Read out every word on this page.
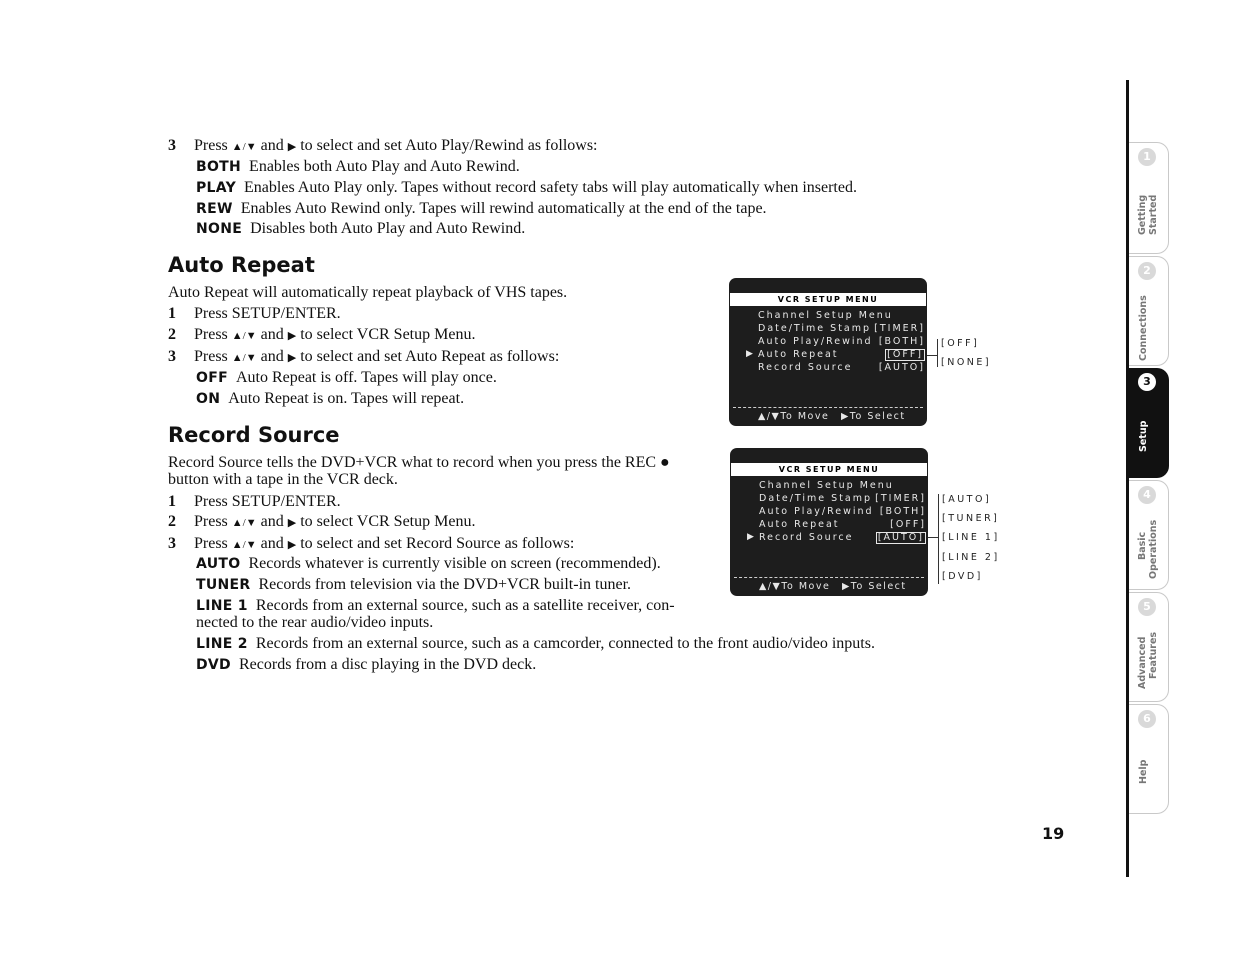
3 Press ▲/▼ and ▶ to select and set Auto Play/Rewind as follows:
BOTH Enables both Auto Play and Auto Rewind.
PLAY Enables Auto Play only. Tapes without record safety tabs will play automatically when inserted.
REW Enables Auto Rewind only. Tapes will rewind automatically at the end of the tape.
NONE Disables both Auto Play and Auto Rewind.
Auto Repeat
Auto Repeat will automatically repeat playback of VHS tapes.
1 Press SETUP/ENTER.
2 Press ▲/▼ and ▶ to select VCR Setup Menu.
3 Press ▲/▼ and ▶ to select and set Auto Repeat as follows:
OFF Auto Repeat is off. Tapes will play once.
ON Auto Repeat is on. Tapes will repeat.
Record Source
Record Source tells the DVD+VCR what to record when you press the REC ●
button with a tape in the VCR deck.
1 Press SETUP/ENTER.
2 Press ▲/▼ and ▶ to select VCR Setup Menu.
3 Press ▲/▼ and ▶ to select and set Record Source as follows:
AUTO Records whatever is currently visible on screen (recommended).
TUNER Records from television via the DVD+VCR built-in tuner.
LINE 1 Records from an external source, such as a satellite receiver, con-
nected to the rear audio/video inputs.
LINE 2 Records from an external source, such as a camcorder, connected to the front audio/video inputs.
DVD Records from a disc playing in the DVD deck.
VCR SETUP MENU
Channel Setup Menu
Date/Time Stamp [TIMER]
Auto Play/Rewind [BOTH]
▶ Auto Repeat	[OFF]
Record Source	[AUTO]
▲/▼To Move ▶To Select
[OFF]
[NONE]
VCR SETUP MENU
Channel Setup Menu
Date/Time Stamp [TIMER]
Auto Play/Rewind [BOTH]
Auto Repeat	[OFF]
▶ Record Source	[AUTO]
▲/▼To Move ▶To Select
[AUTO]
[TUNER]
[LINE 1]
[LINE 2]
[DVD]
1
Getting Started
2
Connections
3
Setup
4
Basic Operations
5
Advanced Features
6
Help
19
